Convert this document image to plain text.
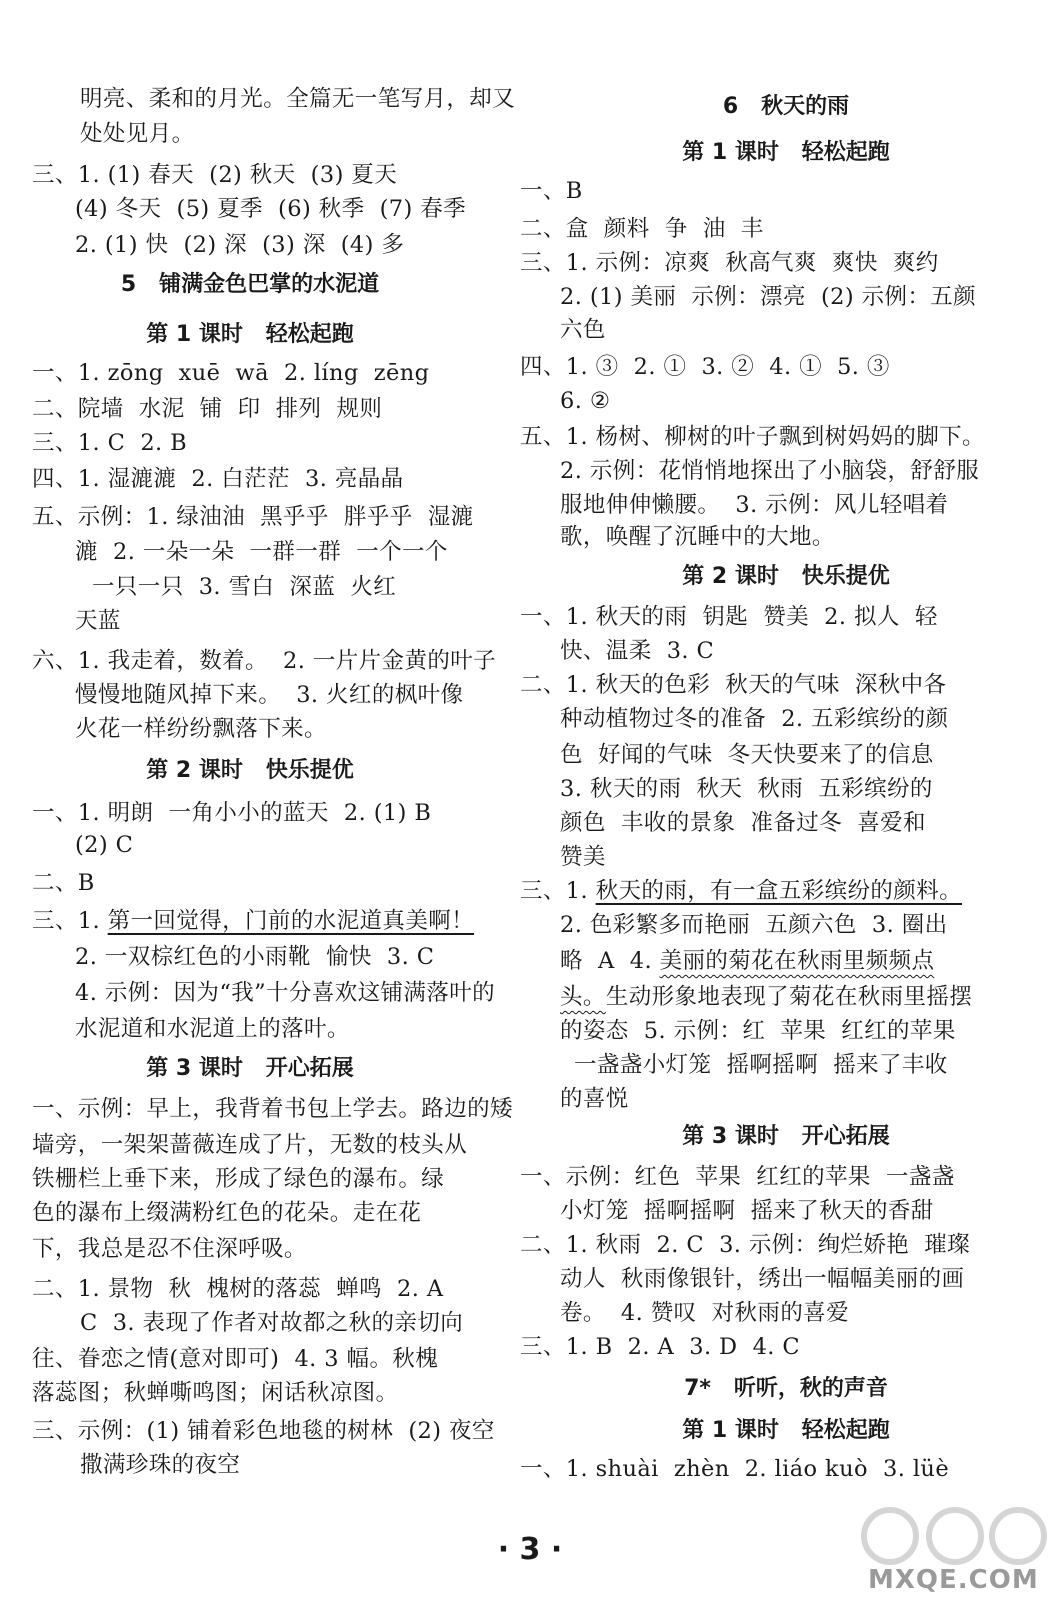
明亮、柔和的月光。全篇无一笔写月，却又
处处见月。
三、1. (1) 春天  (2) 秋天  (3) 夏天
(4) 冬天  (5) 夏季  (6) 秋季  (7) 春季
2. (1) 快  (2) 深  (3) 深  (4) 多
5   铺满金色巴掌的水泥道
第 1 课时   轻松起跑
一、1. zōng  xuē  wā  2. líng  zēng
二、院墙  水泥  铺  印  排列  规则
三、1. C  2. B
四、1. 湿漉漉  2. 白茫茫  3. 亮晶晶
五、示例：1. 绿油油  黑乎乎  胖乎乎  湿漉
漉  2. 一朵一朵  一群一群  一个一个
一只一只  3. 雪白  深蓝  火红
天蓝
六、1. 我走着，数着。  2. 一片片金黄的叶子
慢慢地随风掉下来。  3. 火红的枫叶像
火花一样纷纷飘落下来。
第 2 课时   快乐提优
一、1. 明朗  一角小小的蓝天  2. (1) B
(2) C
二、B
三、1. 第一回觉得，门前的水泥道真美啊！
2. 一双棕红色的小雨靴  愉快  3. C
4. 示例：因为“我”十分喜欢这铺满落叶的
水泥道和水泥道上的落叶。
第 3 课时   开心拓展
一、示例：早上，我背着书包上学去。路边的矮
墙旁，一架架蔷薇连成了片，无数的枝头从
铁栅栏上垂下来，形成了绿色的瀑布。绿
色的瀑布上缀满粉红色的花朵。走在花
下，我总是忍不住深呼吸。
二、1. 景物  秋  槐树的落蕊  蝉鸣  2. A
C  3. 表现了作者对故都之秋的亲切向
往、眷恋之情(意对即可)  4. 3 幅。秋槐
落蕊图；秋蝉嘶鸣图；闲话秋凉图。
三、示例：(1) 铺着彩色地毯的树林  (2) 夜空
撒满珍珠的夜空
6   秋天的雨
第 1 课时   轻松起跑
一、B
二、盒  颜料  争  油  丰
三、1. 示例：凉爽  秋高气爽  爽快  爽约
2. (1) 美丽  示例：漂亮  (2) 示例：五颜
六色
四、1. ③  2. ①  3. ②  4. ①  5. ③
6. ②
五、1. 杨树、柳树的叶子飘到树妈妈的脚下。
2. 示例：花悄悄地探出了小脑袋，舒舒服
服地伸伸懒腰。  3. 示例：风儿轻唱着
歌，唤醒了沉睡中的大地。
第 2 课时   快乐提优
一、1. 秋天的雨  钥匙  赞美  2. 拟人  轻
快、温柔  3. C
二、1. 秋天的色彩  秋天的气味  深秋中各
种动植物过冬的准备  2. 五彩缤纷的颜
色  好闻的气味  冬天快要来了的信息
3. 秋天的雨  秋天  秋雨  五彩缤纷的
颜色  丰收的景象  准备过冬  喜爱和
赞美
三、1. 秋天的雨，有一盒五彩缤纷的颜料。
2. 色彩繁多而艳丽  五颜六色  3. 圈出
略  A  4. 美丽的菊花在秋雨里频频点
头。生动形象地表现了菊花在秋雨里摇摆
的姿态  5. 示例：红  苹果  红红的苹果
一盏盏小灯笼  摇啊摇啊  摇来了丰收
的喜悦
第 3 课时   开心拓展
一、示例：红色  苹果  红红的苹果  一盏盏
小灯笼  摇啊摇啊  摇来了秋天的香甜
二、1. 秋雨  2. C  3. 示例：绚烂娇艳  璀璨
动人  秋雨像银针，绣出一幅幅美丽的画
卷。  4. 赞叹  对秋雨的喜爱
三、1. B  2. A  3. D  4. C
7*   听听，秋的声音
第 1 课时   轻松起跑
一、1. shuài  zhèn  2. liáo kuò  3. lüè
· 3 ·
MXQE.COM
